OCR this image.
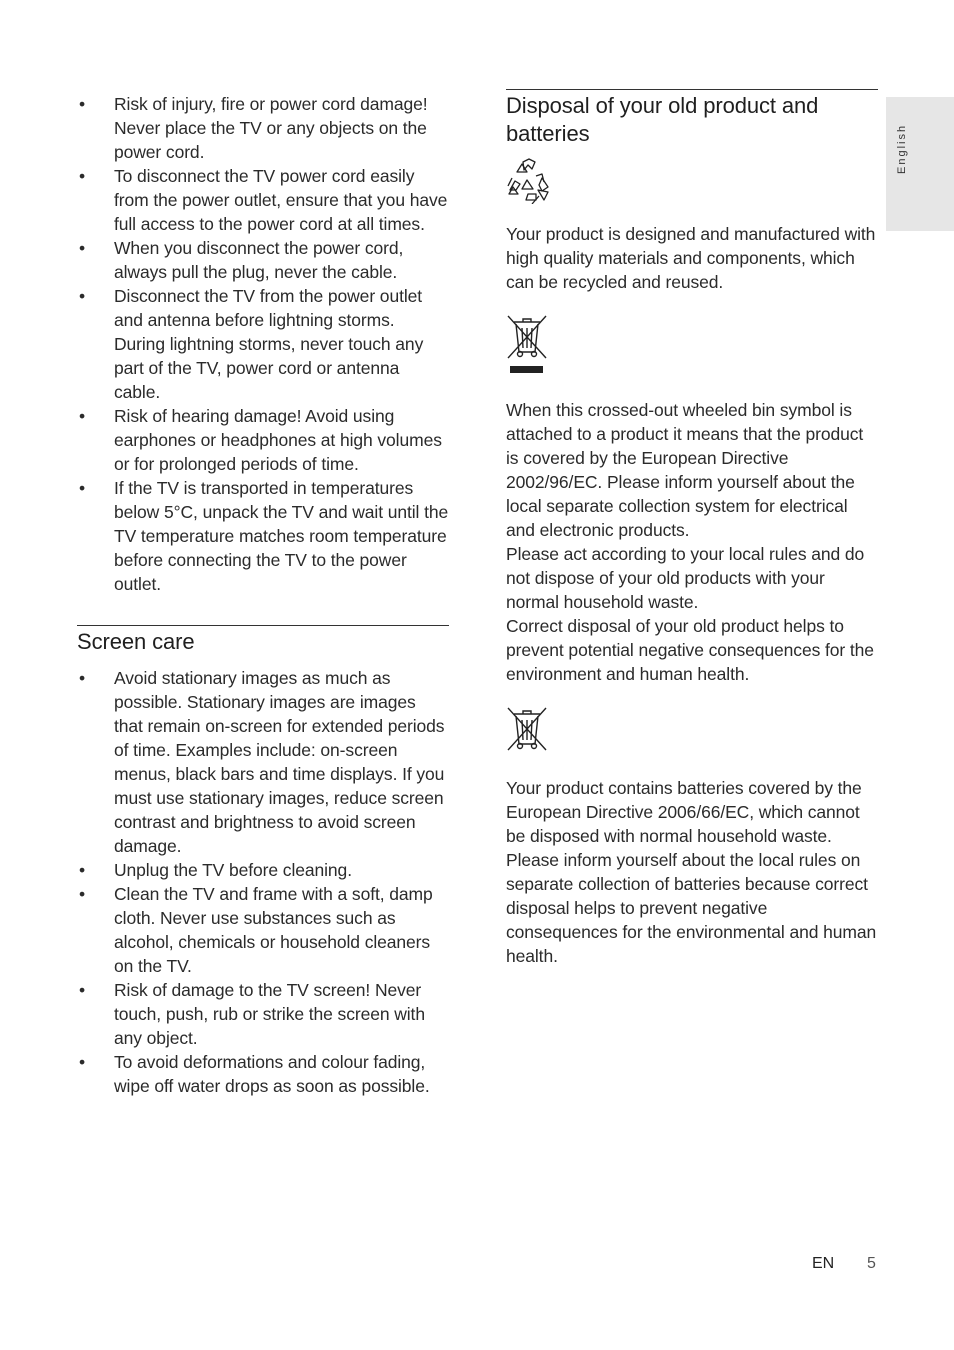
• Risk of injury, fire or power cord damage! Never place the TV or any objects on the power cord.
• To disconnect the TV power cord easily from the power outlet, ensure that you have full access to the power cord at all times.
• When you disconnect the power cord, always pull the plug, never the cable.
• Disconnect the TV from the power outlet and antenna before lightning storms. During lightning storms, never touch any part of the TV, power cord or antenna cable.
• Risk of hearing damage! Avoid using earphones or headphones at high volumes or for prolonged periods of time.
• If the TV is transported in temperatures below 5°C, unpack the TV and wait until the TV temperature matches room temperature before connecting the TV to the power outlet.
Screen care
• Avoid stationary images as much as possible. Stationary images are images that remain on-screen for extended periods of time. Examples include: on-screen menus, black bars and time displays. If you must use stationary images, reduce screen contrast and brightness to avoid screen damage.
• Unplug the TV before cleaning.
• Clean the TV and frame with a soft, damp cloth. Never use substances such as alcohol, chemicals or household cleaners on the TV.
• Risk of damage to the TV screen! Never touch, push, rub or strike the screen with any object.
• To avoid deformations and colour fading, wipe off water drops as soon as possible.
Disposal of your old product and batteries

Your product is designed and manufactured with high quality materials and components, which can be recycled and reused.

When this crossed-out wheeled bin symbol is attached to a product it means that the product is covered by the European Directive 2002/96/EC. Please inform yourself about the local separate collection system for electrical and electronic products.

Please act according to your local rules and do not dispose of your old products with your normal household waste.

Correct disposal of your old product helps to prevent potential negative consequences for the environment and human health.

Your product contains batteries covered by the European Directive 2006/66/EC, which cannot be disposed with normal household waste.

Please inform yourself about the local rules on separate collection of batteries because correct disposal helps to prevent negative consequences for the environmental and human health.

English
EN 5
